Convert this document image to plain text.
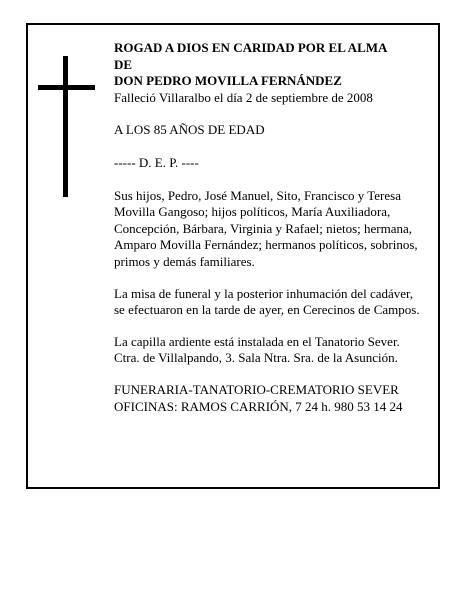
ROGAD A DIOS EN CARIDAD POR EL ALMA

DE

DON PEDRO MOVILLA FERNÁNDEZ

Falleció Villaralbo el día 2 de septiembre de 2008

A LOS 85 AÑOS DE EDAD

----- D. E. P. ----

Sus hijos, Pedro, José Manuel, Sito, Francisco y Teresa Movilla Gangoso; hijos políticos, María Auxiliadora, Concepción, Bárbara, Virginia y Rafael; nietos; hermana, Amparo Movilla Fernández; hermanos políticos, sobrinos, primos y demás familiares.

La misa de funeral y la posterior inhumación del cadáver, se efectuaron en la tarde de ayer, en Cerecinos de Campos.

La capilla ardiente está instalada en el Tanatorio Sever. Ctra. de Villalpando, 3. Sala Ntra. Sra. de la Asunción.

FUNERARIA-TANATORIO-CREMATORIO SEVER

OFICINAS: RAMOS CARRIÓN, 7 24 h. 980 53 14 24
